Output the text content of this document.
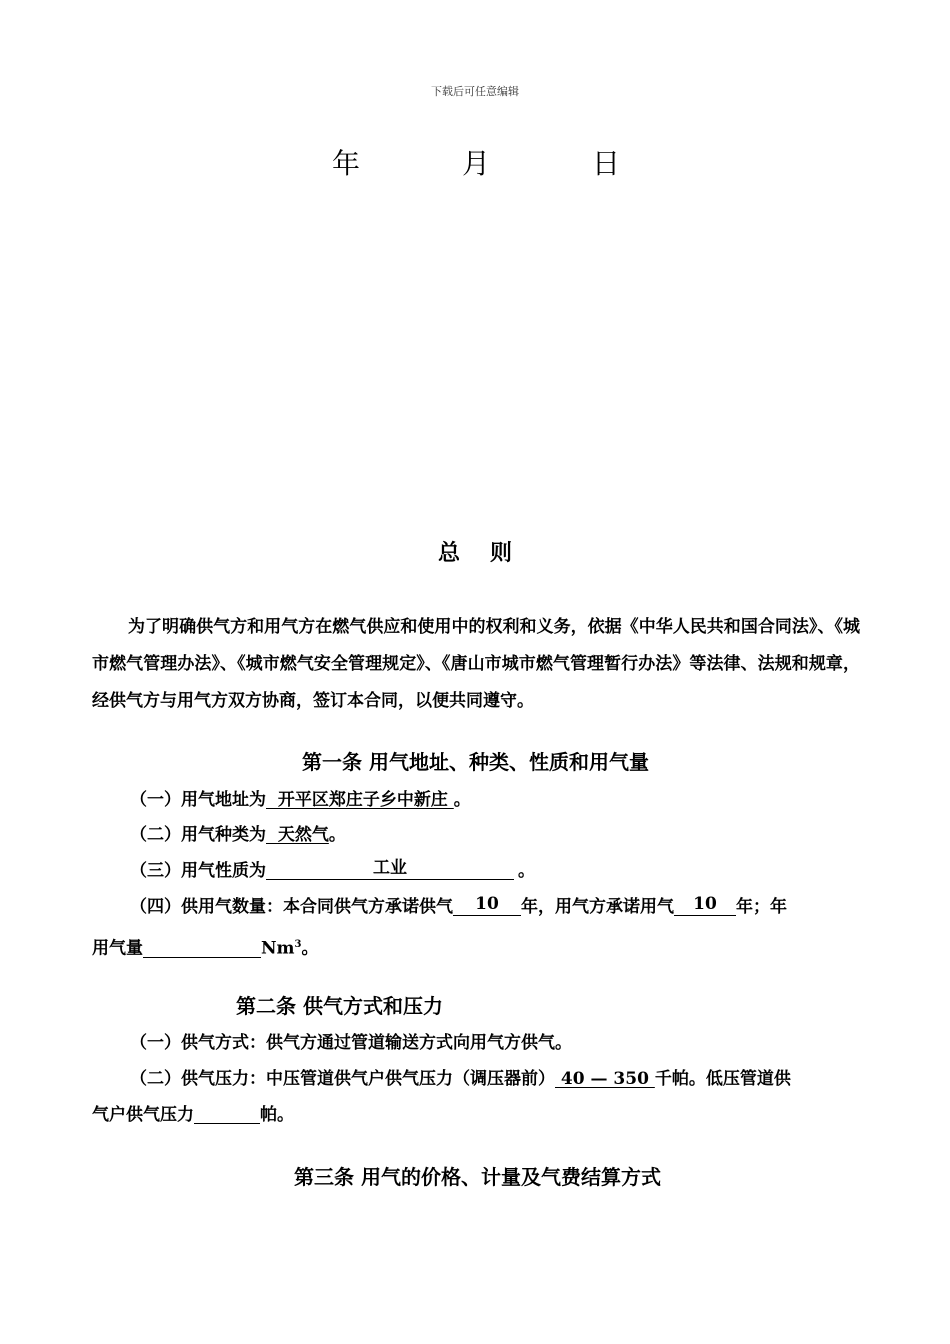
下载后可任意编辑
年	月	日
总则
为了明确供气方和用气方在燃气供应和使用中的权利和义务，依据《中华人民共和国合同法》、《城市燃气管理办法》、《城市燃气安全管理规定》、《唐山市城市燃气管理暂行办法》等法律、法规和规章，经供气方与用气方双方协商，签订本合同，以便共同遵守。
第一条 用气地址、种类、性质和用气量
（一）用气地址为  开平区郑庄子乡中新庄 。
（二）用气种类为  天然气。
（三）用气性质为	工业	。
（四）供用气数量：本合同供气方承诺供气	10	年，用气方承诺用气	10	年；年
用气量	Nm$^3$。
第二条 供气方式和压力
（一）供气方式：供气方通过管道输送方式向用气方供气。
（二）供气压力：中压管道供气户供气压力（调压器前） 40 — 350 千帕。低压管道供
气户供气压力	帕。
第三条 用气的价格、计量及气费结算方式
